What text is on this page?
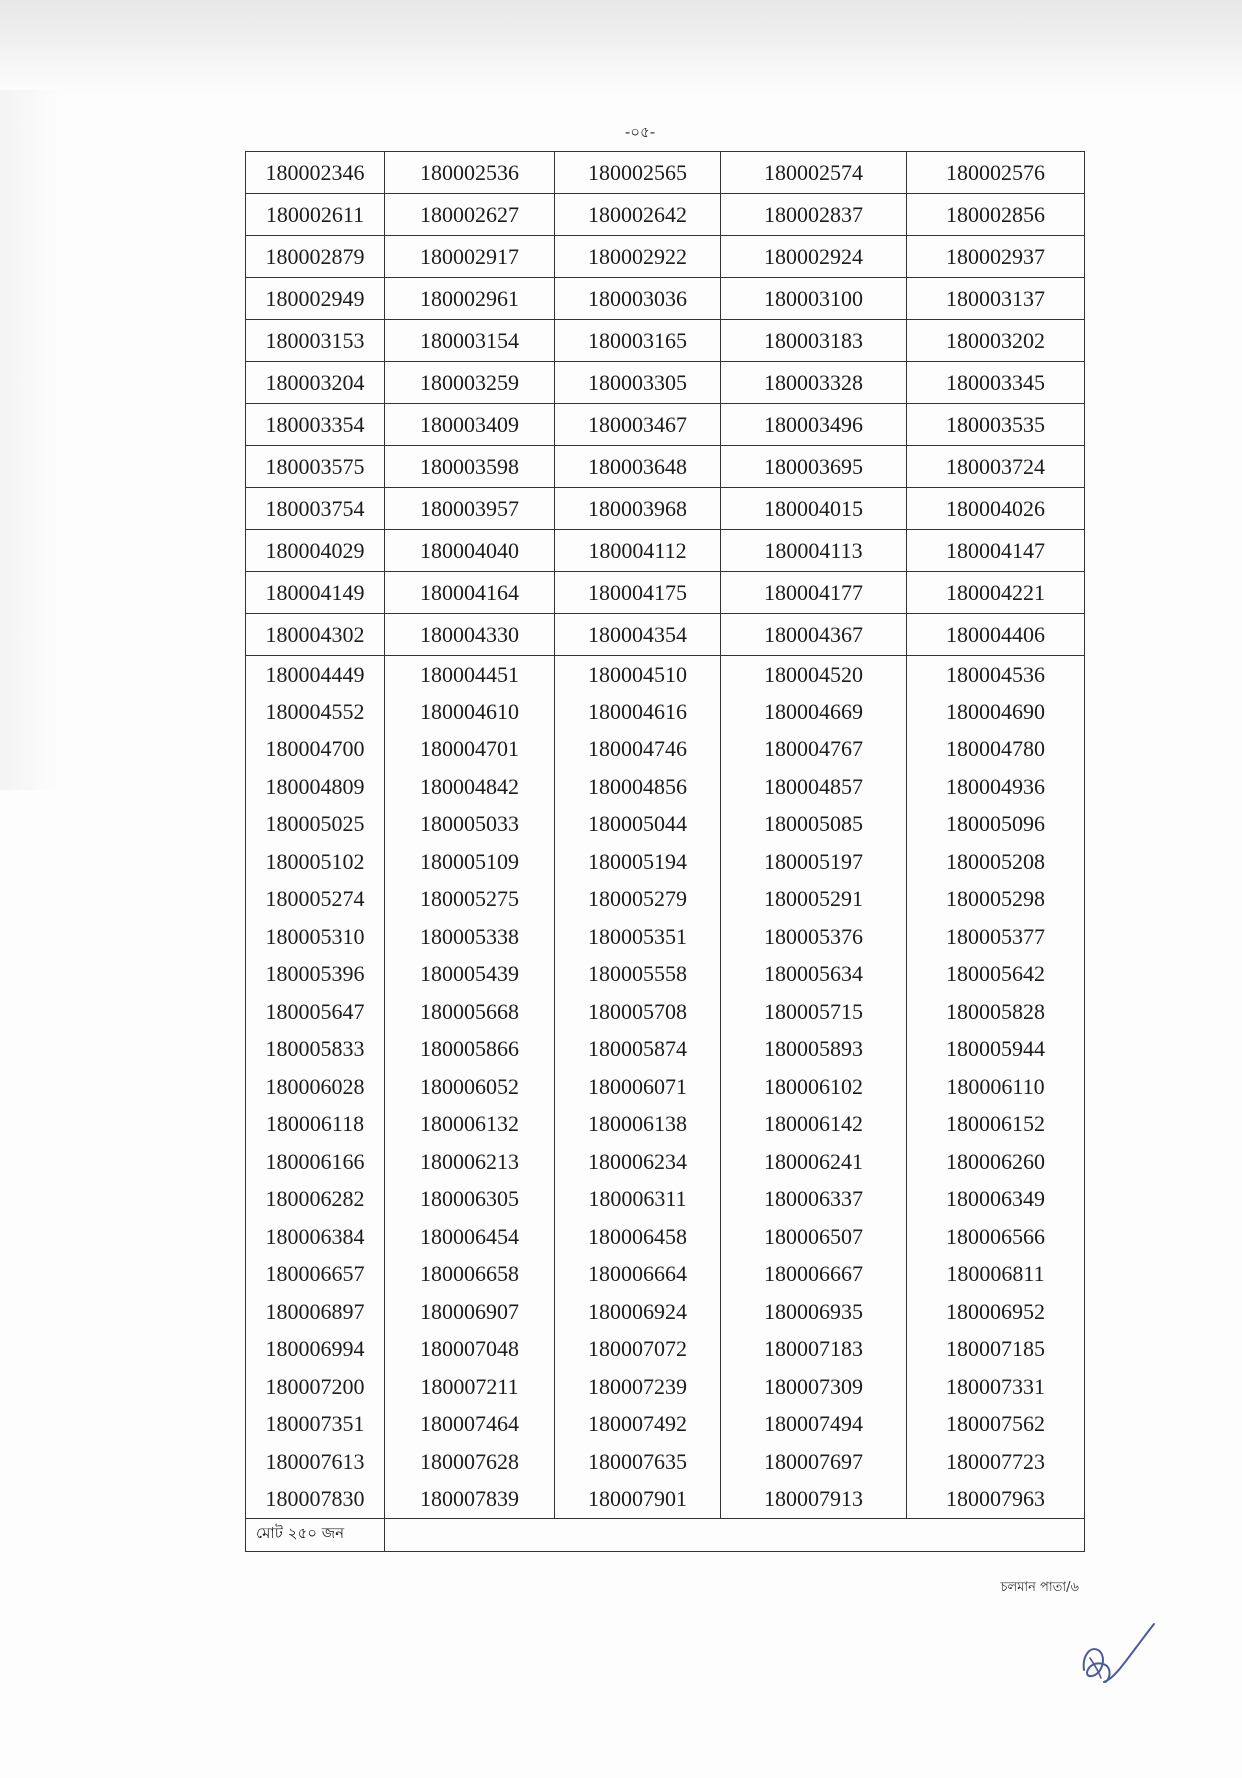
-০৫-
180002346	180002536	180002565	180002574	180002576
180002611	180002627	180002642	180002837	180002856
180002879	180002917	180002922	180002924	180002937
180002949	180002961	180003036	180003100	180003137
180003153	180003154	180003165	180003183	180003202
180003204	180003259	180003305	180003328	180003345
180003354	180003409	180003467	180003496	180003535
180003575	180003598	180003648	180003695	180003724
180003754	180003957	180003968	180004015	180004026
180004029	180004040	180004112	180004113	180004147
180004149	180004164	180004175	180004177	180004221
180004302	180004330	180004354	180004367	180004406
180004449	180004451	180004510	180004520	180004536
180004552	180004610	180004616	180004669	180004690
180004700	180004701	180004746	180004767	180004780
180004809	180004842	180004856	180004857	180004936
180005025	180005033	180005044	180005085	180005096
180005102	180005109	180005194	180005197	180005208
180005274	180005275	180005279	180005291	180005298
180005310	180005338	180005351	180005376	180005377
180005396	180005439	180005558	180005634	180005642
180005647	180005668	180005708	180005715	180005828
180005833	180005866	180005874	180005893	180005944
180006028	180006052	180006071	180006102	180006110
180006118	180006132	180006138	180006142	180006152
180006166	180006213	180006234	180006241	180006260
180006282	180006305	180006311	180006337	180006349
180006384	180006454	180006458	180006507	180006566
180006657	180006658	180006664	180006667	180006811
180006897	180006907	180006924	180006935	180006952
180006994	180007048	180007072	180007183	180007185
180007200	180007211	180007239	180007309	180007331
180007351	180007464	180007492	180007494	180007562
180007613	180007628	180007635	180007697	180007723
180007830	180007839	180007901	180007913	180007963
মোট ২৫০ জন				
চলমান পাতা/৬
